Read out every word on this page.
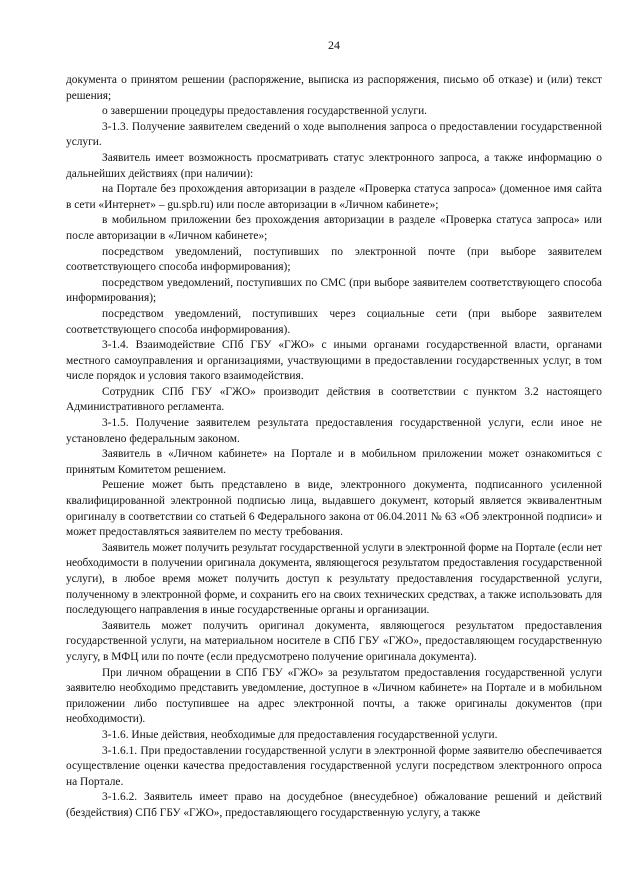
24

документа о принятом решении (распоряжение, выписка из распоряжения, письмо об отказе) и (или) текст решения;

о завершении процедуры предоставления государственной услуги.

3-1.3. Получение заявителем сведений о ходе выполнения запроса о предоставлении государственной услуги.

Заявитель имеет возможность просматривать статус электронного запроса, а также информацию о дальнейших действиях (при наличии):

на Портале без прохождения авторизации в разделе «Проверка статуса запроса» (доменное имя сайта в сети «Интернет» – gu.spb.ru) или после авторизации в «Личном кабинете»;

в мобильном приложении без прохождения авторизации в разделе «Проверка статуса запроса» или после авторизации в «Личном кабинете»;

посредством уведомлений, поступивших по электронной почте (при выборе заявителем соответствующего способа информирования);

посредством уведомлений, поступивших по СМС (при выборе заявителем соответствующего способа информирования);

посредством уведомлений, поступивших через социальные сети (при выборе заявителем соответствующего способа информирования).

3-1.4. Взаимодействие СПб ГБУ «ГЖО» с иными органами государственной власти, органами местного самоуправления и организациями, участвующими в предоставлении государственных услуг, в том числе порядок и условия такого взаимодействия.

Сотрудник СПб ГБУ «ГЖО» производит действия в соответствии с пунктом 3.2 настоящего Административного регламента.

3-1.5. Получение заявителем результата предоставления государственной услуги, если иное не установлено федеральным законом.

Заявитель в «Личном кабинете» на Портале и в мобильном приложении может ознакомиться с принятым Комитетом решением.

Решение может быть представлено в виде, электронного документа, подписанного усиленной квалифицированной электронной подписью лица, выдавшего документ, который является эквивалентным оригиналу в соответствии со статьей 6 Федерального закона от 06.04.2011 № 63 «Об электронной подписи» и может предоставляться заявителем по месту требования.

Заявитель может получить результат государственной услуги в электронной форме на Портале (если нет необходимости в получении оригинала документа, являющегося результатом предоставления государственной услуги), в любое время может получить доступ к результату предоставления государственной услуги, полученному в электронной форме, и сохранить его на своих технических средствах, а также использовать для последующего направления в иные государственные органы и организации.

Заявитель может получить оригинал документа, являющегося результатом предоставления государственной услуги, на материальном носителе в СПб ГБУ «ГЖО», предоставляющем государственную услугу, в МФЦ или по почте (если предусмотрено получение оригинала документа).

При личном обращении в СПб ГБУ «ГЖО» за результатом предоставления государственной услуги заявителю необходимо представить уведомление, доступное в «Личном кабинете» на Портале и в мобильном приложении либо поступившее на адрес электронной почты, а также оригиналы документов (при необходимости).

3-1.6. Иные действия, необходимые для предоставления государственной услуги.

3-1.6.1. При предоставлении государственной услуги в электронной форме заявителю обеспечивается осуществление оценки качества предоставления государственной услуги посредством электронного опроса на Портале.

3-1.6.2. Заявитель имеет право на досудебное (внесудебное) обжалование решений и действий (бездействия) СПб ГБУ «ГЖО», предоставляющего государственную услугу, а также
